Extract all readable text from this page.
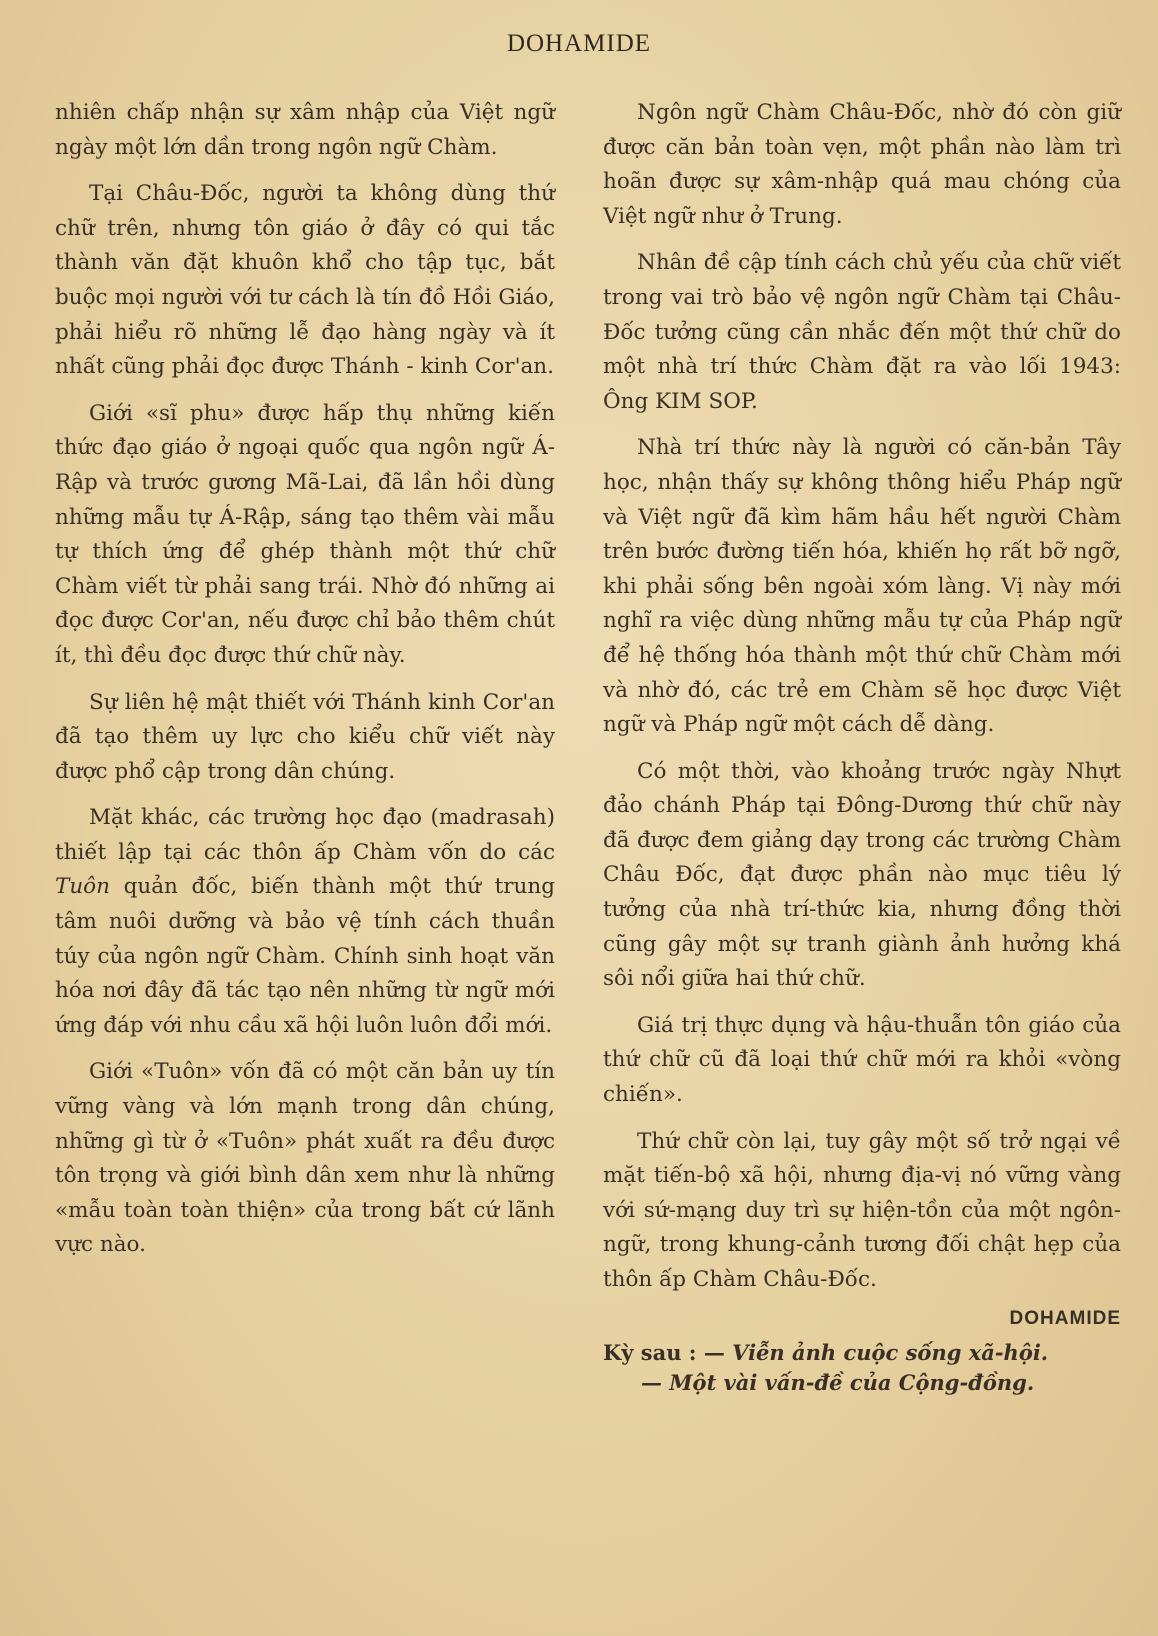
DOHAMIDE

nhiên chấp nhận sự xâm nhập của Việt ngữ ngày một lớn dần trong ngôn ngữ Chàm.

Tại Châu-Đốc, người ta không dùng thứ chữ trên, nhưng tôn giáo ở đây có qui tắc thành văn đặt khuôn khổ cho tập tục, bắt buộc mọi người với tư cách là tín đồ Hồi Giáo, phải hiểu rõ những lễ đạo hàng ngày và ít nhất cũng phải đọc được Thánh - kinh Cor'an.

Giới «sĩ phu» được hấp thụ những kiến thức đạo giáo ở ngoại quốc qua ngôn ngữ Á-Rập và trước gương Mã-Lai, đã lần hồi dùng những mẫu tự Á-Rập, sáng tạo thêm vài mẫu tự thích ứng để ghép thành một thứ chữ Chàm viết từ phải sang trái. Nhờ đó những ai đọc được Cor'an, nếu được chỉ bảo thêm chút ít, thì đều đọc được thứ chữ này.

Sự liên hệ mật thiết với Thánh kinh Cor'an đã tạo thêm uy lực cho kiểu chữ viết này được phổ cập trong dân chúng.

Mặt khác, các trường học đạo (madrasah) thiết lập tại các thôn ấp Chàm vốn do các Tuôn quản đốc, biến thành một thứ trung tâm nuôi dưỡng và bảo vệ tính cách thuần túy của ngôn ngữ Chàm. Chính sinh hoạt văn hóa nơi đây đã tác tạo nên những từ ngữ mới ứng đáp với nhu cầu xã hội luôn luôn đổi mới.

Giới «Tuôn» vốn đã có một căn bản uy tín vững vàng và lớn mạnh trong dân chúng, những gì từ ở «Tuôn» phát xuất ra đều được tôn trọng và giới bình dân xem như là những «mẫu toàn toàn thiện» của trong bất cứ lãnh vực nào.

Ngôn ngữ Chàm Châu-Đốc, nhờ đó còn giữ được căn bản toàn vẹn, một phần nào làm trì hoãn được sự xâm-nhập quá mau chóng của Việt ngữ như ở Trung.

Nhân đề cập tính cách chủ yếu của chữ viết trong vai trò bảo vệ ngôn ngữ Chàm tại Châu-Đốc tưởng cũng cần nhắc đến một thứ chữ do một nhà trí thức Chàm đặt ra vào lối 1943: Ông KIM SOP.

Nhà trí thức này là người có căn-bản Tây học, nhận thấy sự không thông hiểu Pháp ngữ và Việt ngữ đã kìm hãm hầu hết người Chàm trên bước đường tiến hóa, khiến họ rất bỡ ngỡ, khi phải sống bên ngoài xóm làng. Vị này mới nghĩ ra việc dùng những mẫu tự của Pháp ngữ để hệ thống hóa thành một thứ chữ Chàm mới và nhờ đó, các trẻ em Chàm sẽ học được Việt ngữ và Pháp ngữ một cách dễ dàng.

Có một thời, vào khoảng trước ngày Nhựt đảo chánh Pháp tại Đông-Dương thứ chữ này đã được đem giảng dạy trong các trường Chàm Châu Đốc, đạt được phần nào mục tiêu lý tưởng của nhà trí-thức kia, nhưng đồng thời cũng gây một sự tranh giành ảnh hưởng khá sôi nổi giữa hai thứ chữ.

Giá trị thực dụng và hậu-thuẫn tôn giáo của thứ chữ cũ đã loại thứ chữ mới ra khỏi «vòng chiến».

Thứ chữ còn lại, tuy gây một số trở ngại về mặt tiến-bộ xã hội, nhưng địa-vị nó vững vàng với sứ-mạng duy trì sự hiện-tồn của một ngôn-ngữ, trong khung-cảnh tương đối chật hẹp của thôn ấp Chàm Châu-Đốc.

DOHAMIDE
Kỳ sau : — Viễn ảnh cuộc sống xã-hội.
— Một vài vấn-đề của Cộng-đồng.
